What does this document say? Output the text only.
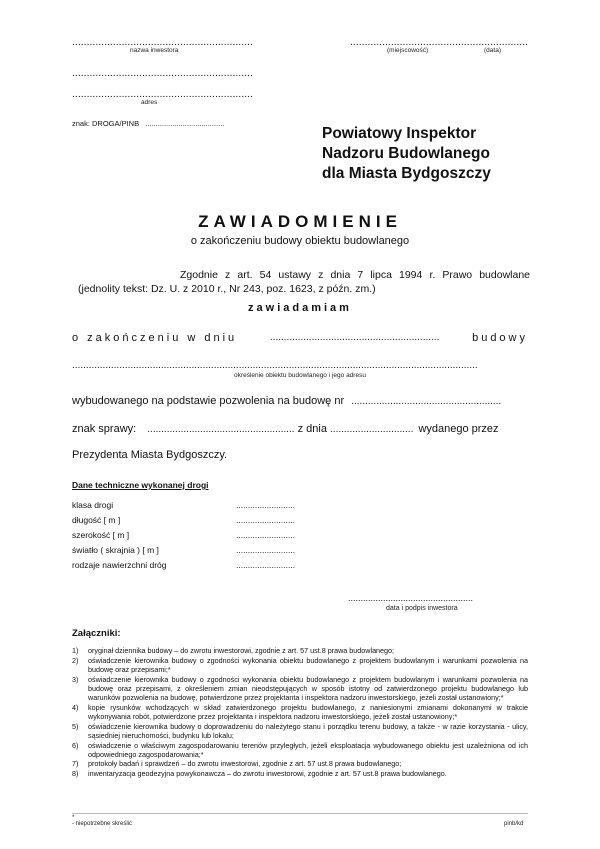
..............................................................
nazwa inwestora
..............................................................
..............................................................
adres
znak: DROGA/PINB ......................................
.............................................................
(miejscowość)	(data)
Powiatowy Inspektor
Nadzoru Budowlanego
dla Miasta Bydgoszczy
ZAWIADOMIENIE
o zakończeniu budowy obiektu budowlanego
Zgodnie z art. 54 ustawy z dnia 7 lipca 1994 r. Prawo budowlane
(jednolity tekst: Dz. U. z 2010 r., Nr 243, poz. 1623, z późn. zm.)
zawiadamiam
o zakończeniu w dniu	.............................................................	budowy
..................................................................................................................................................
określenie obiektu budowlanego i jego adresu
wybudowanego na podstawie pozwolenia na budowę nr ......................................................
znak sprawy: ..................................................... z dnia .............................. wydanego przez
Prezydenta Miasta Bydgoszczy.
Dane techniczne wykonanej drogi
klasa drogi	.........................
długość [ m ]	.........................
szerokość [ m ]	.........................
światło ( skrajnia ) [ m ]	.........................
rodzaje nawierzchni dróg	.........................
..................................................
data i podpis inwestora
Załączniki:
1)	oryginał dziennika budowy – do zwrotu inwestorowi, zgodnie z art. 57 ust.8 prawa budowlanego;
2)	oświadczenie kierownika budowy o zgodności wykonania obiektu budowlanego z projektem budowlanym i warunkami pozwolenia na budowę oraz przepisami;*
3)	oświadczenie kierownika budowy o zgodności wykonania obiektu budowlanego z projektem budowlanym i warunkami pozwolenia na budowę oraz przepisami, z określeniem zmian nieodstępujących w sposób istotny od zatwierdzonego projektu budowlanego lub warunków pozwolenia na budowę, potwierdzone przez projektanta i inspektora nadzoru inwestorskiego, jeżeli został ustanowiony;*
4)	kopie rysunków wchodzących w skład zatwierdzonego projektu budowlanego, z naniesionymi zmianami dokonanymi w trakcie wykonywania robót, potwierdzone przez projektanta i inspektora nadzoru inwestorskiego, jeżeli został ustanowiony;*
5)	oświadczenie kierownika budowy o doprowadzeniu do należytego stanu i porządku terenu budowy, a także - w razie korzystania - ulicy, sąsiedniej nieruchomości, budynku lub lokalu;
6)	oświadczenie o właściwym zagospodarowaniu terenów przyległych, jeżeli eksploatacja wybudowanego obiektu jest uzależniona od ich odpowiedniego zagospodarowania;*
7)	protokoły badań i sprawdzeń – do zwrotu inwestorowi, zgodnie z art. 57 ust.8 prawa budowlanego;
8)	inwentaryzacja geodezyjna powykonawcza – do zwrotu inwestorowi, zgodnie z art. 57 ust.8 prawa budowlanego.
*
- niepotrzebne skreślić	pinb/kd
